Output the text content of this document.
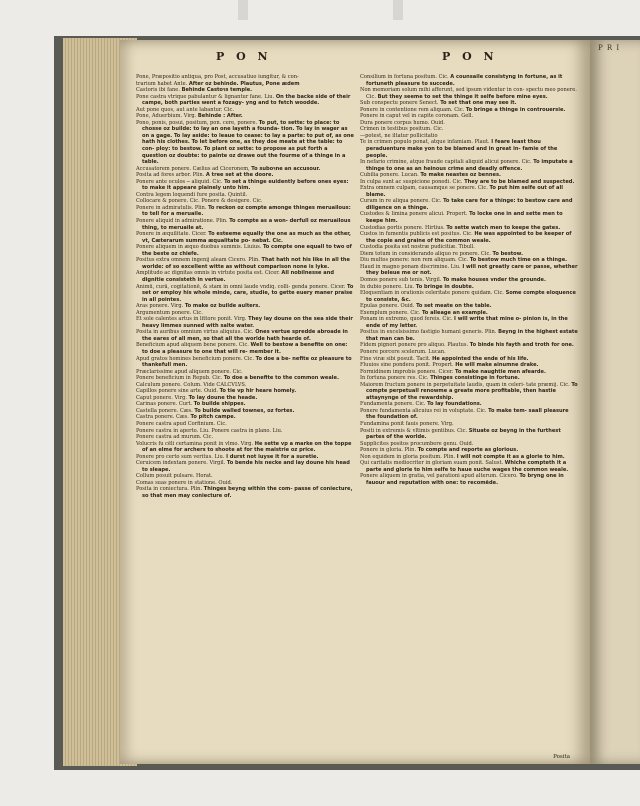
P R I
P O N	P O N

Pone, Præpositio antiqua, pro Post, accusatiuo iungitur, & con-

trarium habet Ante. After oz behinde. Plautus, Pone ædem

Castoris ibi fane. Behinde Castoꝛs temple.

Pone castra vtrique pabulantur & lignantur fane. Liu. On the backe side of their campe, both parties went a fozagy- yng and to fetch woodde.

Aut pone quos, aut ante labantur. Cic.

Pone, Aduerbium. Virg. Behinde : After.

Pono, ponis, posui, positum, pon. cere, ponere. To put, to sette: to place: to chosse oz builde: to lay an one layeth a founda- tion. To lay in wager as on a gage. To lay aside: to leaue to cease: to lay a parte: to put of, as one hath his clothes. To let before one, as they doe meate at the table: to con- ploy: to bestow. To plant oz sette: to propose as put forth a question oz doubte: to painte oz drawe out the fourme of a thinge in a table.

Accusatorem ponere. Cælius ad Ciceronem, To suboꝛne an accusour.

Posita ad fores arbor. Plin. A tree set at the doore.

Ponere ante oculos ─ aliquid. Cic. To set a thinge euidently before ones eyes: to make it appeare plainely unto him.

Contra legem loquendi fure posita. Quintil.

Collocare & ponere. Cic. Ponere & desigere. Cic.

Ponere in admiratulis. Plin. To reckon oz compte amonge thinges meruailous: to tell for a meruaile.

Ponere aliquid in admiratione. Plin. To compte as a won- derfull oz meruailous thing, to meruaile at.

Ponere in æquilitate. Cicer. To esteeme equally the one as much as the other, vt, Cæterarum summa æqualitate po- nebat. Cic.

Ponere aliquem in æquo duobus summis. Liuius. To compte one equall to two of the beste oz chiefe.

Positus extra omnem ingenij aleam Cicero. Plin. That hath not his like in all the worlde: of so excellent witte as without comparison none is lyke.

Amplitudo ac dignitas omnis in virtute posita est. Cicer. All nobilnesse and dignitie consisteth in vertue.

Animū, curā, cogitationē, & stam in omni laude vndiq. colli- genda ponere. Cicer. To set or employ his whole minde, care, studie, to gette euery maner praise in all pointes.

Aras ponere. Virg. To make oz builde aulters.

Argumentum ponere. Cic.

Et sole calentes artus in littore ponit. Virg. They lay doune on the sea side their heavy limmes sunned with salte water.

Posita in auribus omnium virtus aliquius. Cic. Ones vertue spredde abroade in the eares of all men, so that all the worlde hath hearde of.

Beneficium apud aliquem bene ponere. Cic. Well to bestow a benefite on one: to doe a pleasure to one that will re- member it.

Apud gratos homines beneficium ponere. Cic. To doe a be- nefite oz pleasure to thankefull men.

Præclarissime apud aliquem ponere. Cic.

Ponere beneficium in Repub. Cic. To doe a benefite to the common weale.

Calculum ponere. Colum. Vide CALCVLVS.

Capillos ponere sine arte. Ouid. To tie vp hir heare homely.

Caput ponere. Virg. To lay doune the heade.

Carinas ponere. Curt. To builde shippes.

Castella ponere. Cæs. To builde walled townes, oz fortes.

Castra ponere. Cæs. To pitch campe.

Ponere castra apud Corfinium. Cic.

Ponere castra in aperto. Liu. Ponere castra in plano. Liu.

Ponere castra ad murum. Cic.

Volucris fu cēli certamina ponit in vlmo. Virg. He sette vp a marke on the toppe of an elme for archers to shoote at for the maistrie oz price.

Ponere pro certo sum veritus. Liu. I durst not iuyse it for a suretie.

Ceruicem indextam ponere. Virgil. To bende his necke and lay doune his head to sleape.

Collum posuit pulsare. Horat.

Comas suas ponere in statione. Ouid.

Posita in coniectura. Plin. Thinges beyng within the com- passe of coniecture, so that men may coniecture of.

Consilium in fortuna positum. Cic. A counsaile consistyng in fortune, as it fortuneth pleasure to succede.

Non memoriam solum mihi afferunt, sed ipsum videntur in con- spectu meo ponere. Cic. But they seeme to set the thinge it selfe before mine eyes.

Sub conspectu ponere Senect. To set that one may see it.

Ponere in contentione rem aliquam. Cic. To bringe a thinge in controuersie.

Ponere in caput vel in capite coronam. Gell.

Dura ponere corpus humo. Ouid.

Crimen in testibus positum. Cic.

—potest, ne iltatur pollicitatio

Te in crimen populo ponat, atque infamiam. Plaut. I feare least thou peraduenture make yon to be blamed and in great in- famie of the people.

In nefario crimine, atque fraude capitali aliquid alicui ponere. Cic. To imputate a thinge to one as an heinous crime and deadly offence.

Cubilia ponere. Lucan. To make neastes oz bennes.

In culpa sunt ac suspicione ponedi. Cic. They are to be blamed and suspected.

Extra omnem culpam, causamque se ponere. Cic. To put him selfe out of all blame.

Curam in re aliqua ponere. Cic. To take care for a thinge: to bestow care and diligence on a thinge.

Custodes & limina ponere alicui. Propert. To locke one in and sette men to keepe him.

Custodias portis ponere. Hirtius. To sette watch men to keepe the gates.

Custos in fumentis publicis est positus. Cic. He was appointed to be keeper of the copie and graine of the common weale.

Custodia posita est nostræ pudicitiæ. Tibull.

Diem totum in considerando aliquo re ponere. Cic. To bestow.

Diu multos ponere: non rem aliquam. Cic. To bestow much time on a thinge.

Haud in magno ponam discrimine. Liu. I will not greatly care or passe, whether they beleue me or not.

Domos ponere sub tenis. Virgil. To make houses vnder the grounde.

In dubio ponere. Liu. To bringe in doubte.

Eloquentiam in orationis celeritate ponere quidam. Cic. Some compte eloquence to consiste, &c.

Epulas ponere. Ouid. To set meate on the table.

Exemplum ponere. Cic. To alleage an example.

Ponam in extremo, quod fereis. Cic. I will write that mine o- pinion is, in the ende of my letter.

Positus in excelsissimo fastigio humani generis. Plin. Beyng in the highest estate that man can be.

Fidem pignori ponere pro aliquo. Plautus. To binde his fayth and troth for one.

Ponere porcere scelerum. Lucan.

Fine viræ sibi posuit. Tacit. He appointed the ende of his life.

Fluuios sine pondera ponit. Propert. He will make ainumne drake.

Formidinem improbis ponere. Cicer. To make naughtie men afearde.

In fortuna ponere res. Cic. Thinges consistinge in fortune.

Maiorem fructum ponere in perpetuitate laudis, quam in celeri- tate præmij. Cic. To compte perpetuall renowme a greate more profitable, then hastie attaynynge of the rewardship.

Fundamenta ponere. Cic. To lay foundations.

Ponere fundamenta alicuius rei in voluptate. Cic. To make tem- saall pleasure the foundation of.

Fundamina ponit fauis ponere. Virg.

Positi in extremis & vltimis gentibus. Cic. Situate oz beyng in the furthest partes of the worlde.

Supplicites positos procumbere genu. Ouid.

Ponere in gloria. Plin. To compte and reporte as glorious.

Non equidem in gloria positum. Plin. I will not compte it as a glorie to him.

Qui caritatis mediocriter in gloriam suam ponit. Salust. Whiche compteth it a parte and glorie to him selfe to haue suche wages the common weale.

Ponere aliquem in gratia, vel parationi apud alterum. Cicero. To bryng one in fauour and reputation with one: to recomēde.

Posita
